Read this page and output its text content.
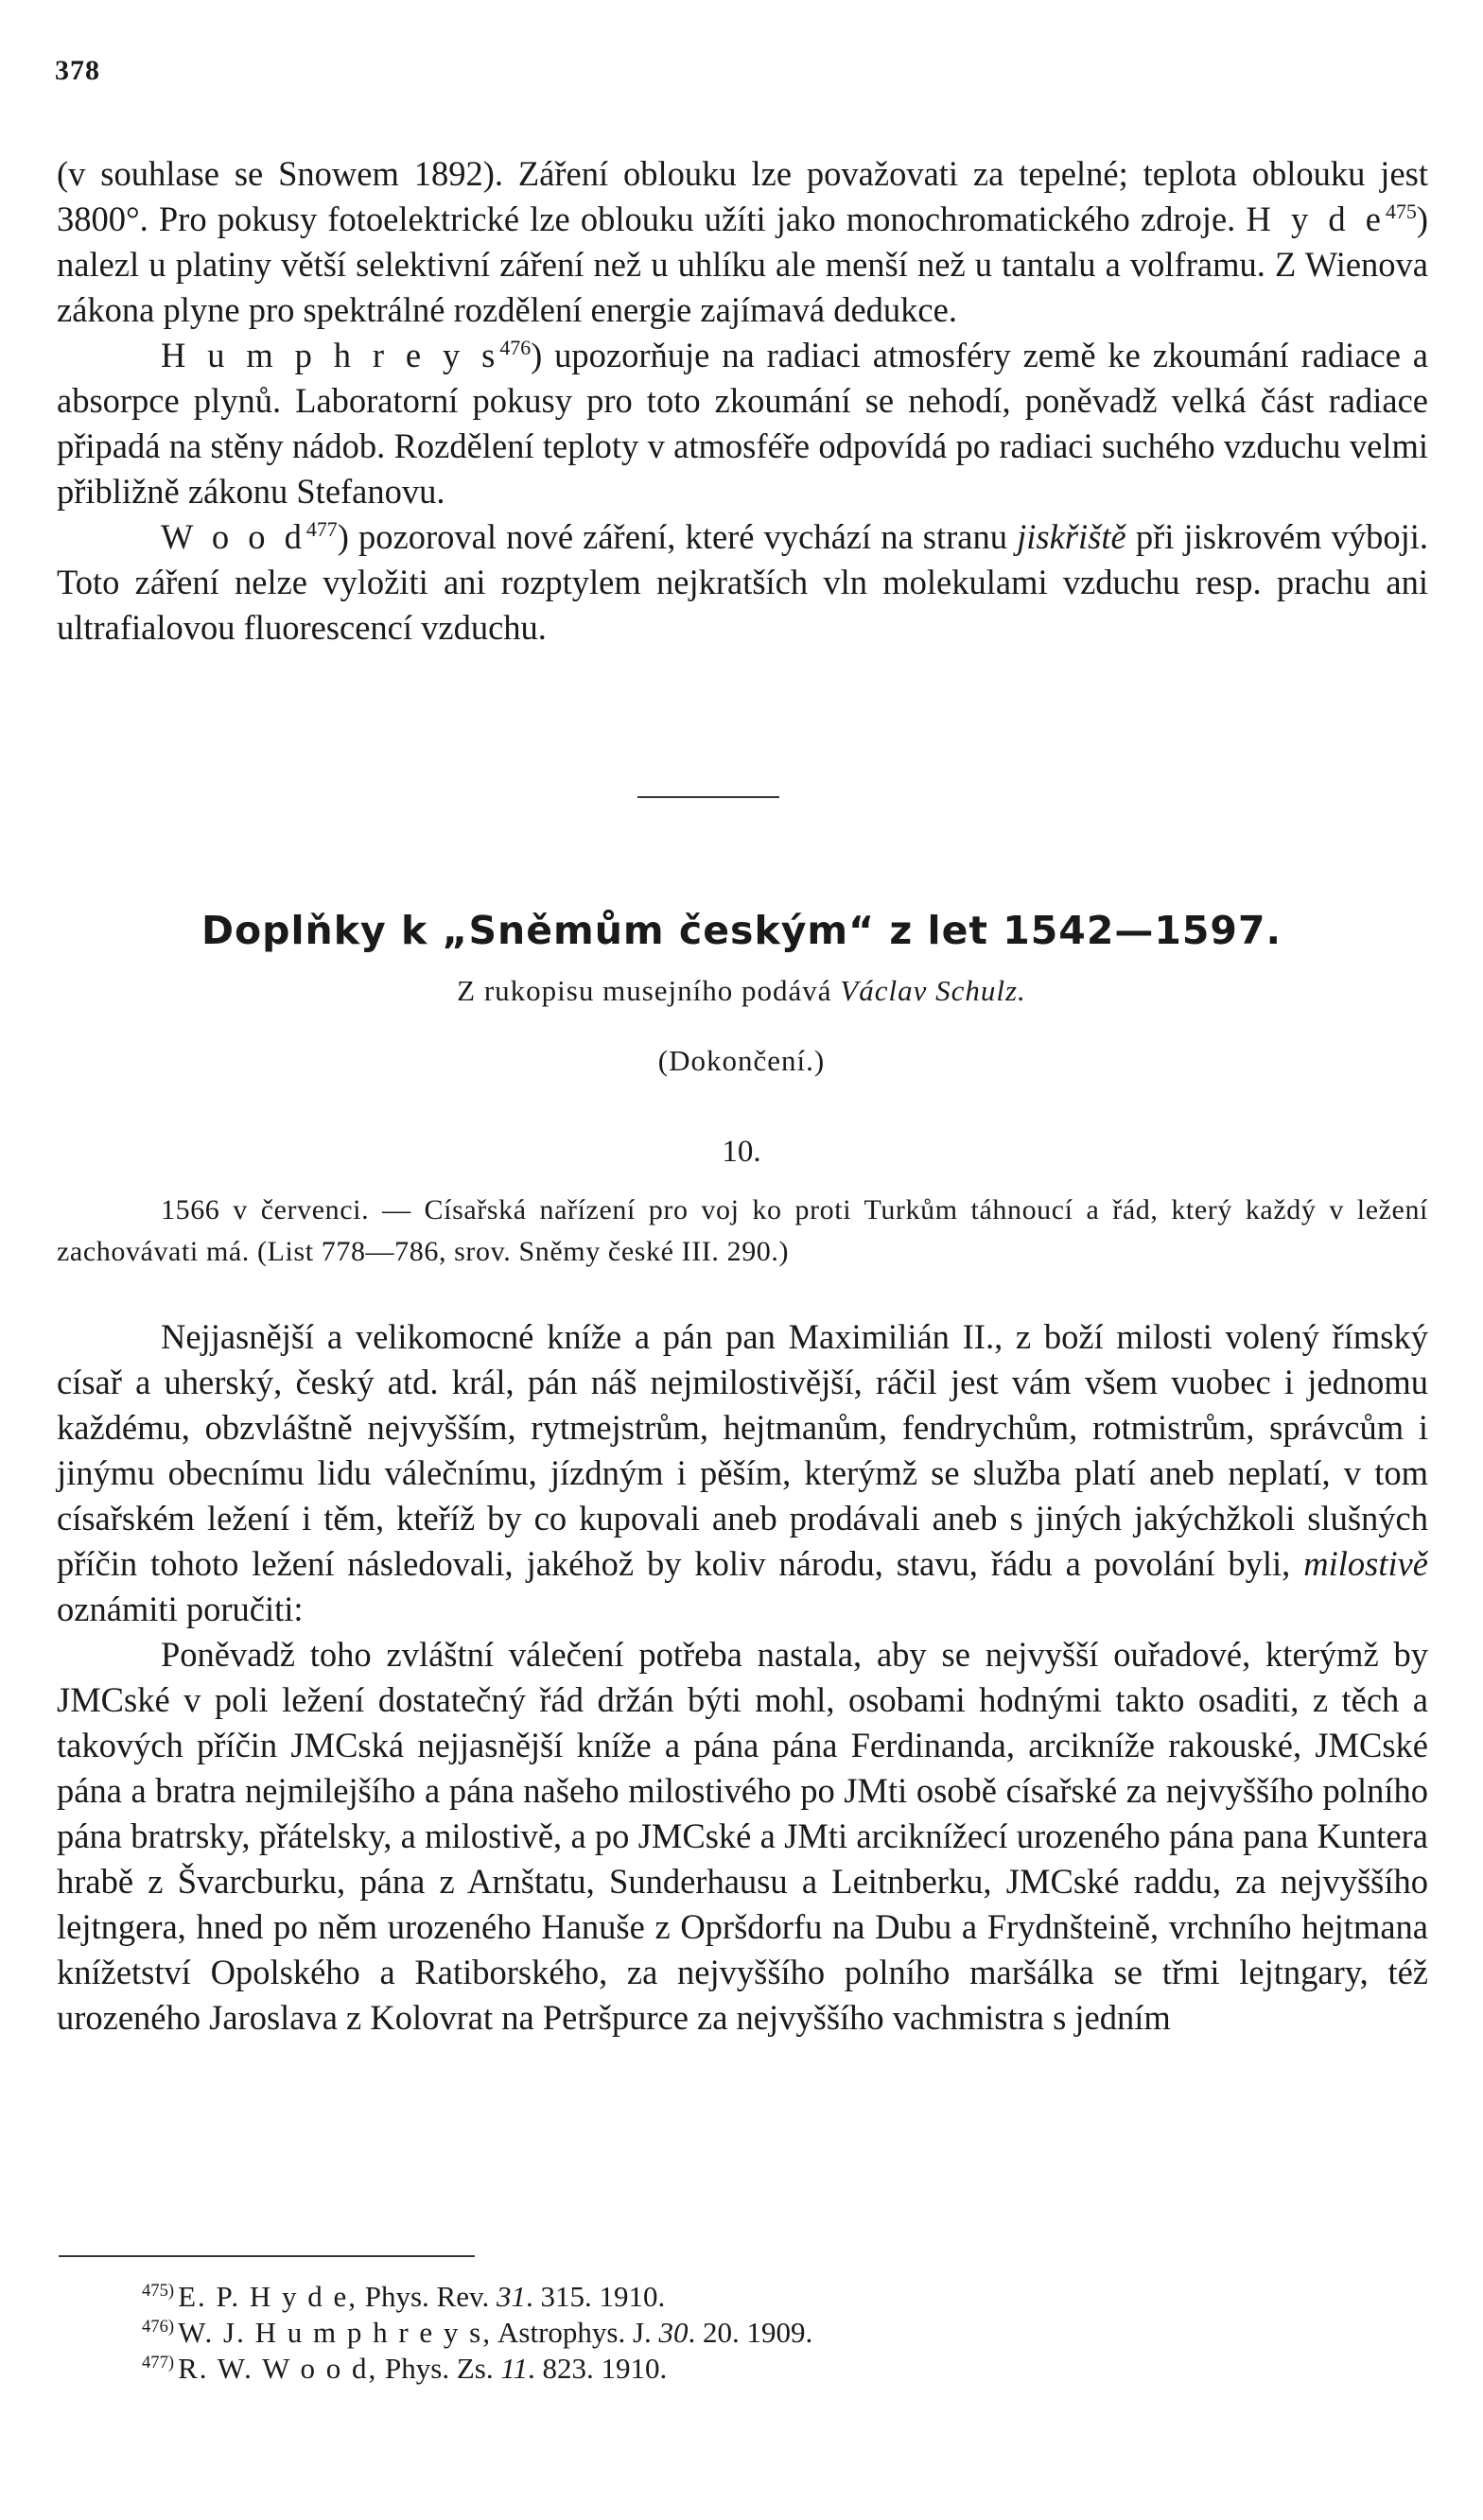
378

(v souhlase se Snowem 1892). Záření oblouku lze považovati za tepelné; teplota oblouku jest 3800°. Pro pokusy fotoelektrické lze oblouku užíti jako monochromatického zdroje. H y d $e^{475}$) nalezl u platiny větší selektivní záření než u uhlíku ale menší než u tantalu a volframu. Z Wienova zákona plyne pro spektrálné rozdělení energie zajímavá dedukce.

H u m p h r e y $s^{476}$) upozorňuje na radiaci atmosféry země ke zkoumání radiace a absorpce plynů. Laboratorní pokusy pro toto zkoumání se nehodí, poněvadž velká část radiace připadá na stěny nádob. Rozdělení teploty v atmosféře odpovídá po radiaci suchého vzduchu velmi přibližně zákonu Stefanovu.

W o o $d^{477}$) pozoroval nové záření, které vychází na stranu jiskřiště při jiskrovém výboji. Toto záření nelze vyložiti ani rozptylem nejkratších vln molekulami vzduchu resp. prachu ani ultrafialovou fluorescencí vzduchu.

Doplňky k „Sněmům českým“ z let 1542—1597.

Z rukopisu musejního podává Václav Schulz.

(Dokončení.)

10.

1566 v červenci. — Císařská nařízení pro voj ko proti Turkům táhnoucí a řád, který každý v ležení zachovávati má. (List 778—786, srov. Sněmy české III. 290.)

Nejjasnější a velikomocné kníže a pán pan Maximilián II., z boží milosti volený římský císař a uherský, český atd. král, pán náš nejmilostivější, ráčil jest vám všem vuobec i jednomu každému, obzvláštně nejvyšším, rytmejstrům, hejtmanům, fendrychům, rotmistrům, správcům i jinýmu obecnímu lidu válečnímu, jízdným i pěším, kterýmž se služba platí aneb neplatí, v tom císařském ležení i těm, kteříž by co kupovali aneb prodávali aneb s jiných jakýchžkoli slušných příčin tohoto ležení následovali, jakéhož by koliv národu, stavu, řádu a povolání byli, milostivě oznámiti poručiti:

Poněvadž toho zvláštní válečení potřeba nastala, aby se nejvyšší ouřadové, kterýmž by JMCské v poli ležení dostatečný řád držán býti mohl, osobami hodnými takto osaditi, z těch a takových příčin JMCská nejjasnější kníže a pána pána Ferdinanda, arcikníže rakouské, JMCské pána a bratra nejmilejšího a pána našeho milostivého po JMti osobě císařské za nejvyššího polního pána bratrsky, přátelsky, a milostivě, a po JMCské a JMti arciknížecí urozeného pána pana Kuntera hrabě z Švarcburku, pána z Arnštatu, Sunderhausu a Leitnberku, JMCské raddu, za nejvyššího lejtngera, hned po něm urozeného Hanuše z Opršdorfu na Dubu a Frydnšteině, vrchního hejtmana knížetství Opolského a Ratiborského, za nejvyššího polního maršálka se třmi lejtngary, též urozeného Jaroslava z Kolovrat na Petršpurce za nejvyššího vachmistra s jedním

$^{475)}$ E. P. H y d e, Phys. Rev. 31. 315. 1910.

$^{476)}$ W. J. H u m p h r e y s, Astrophys. J. 30. 20. 1909.

$^{477)}$ R. W. W o o d, Phys. Zs. 11. 823. 1910.
